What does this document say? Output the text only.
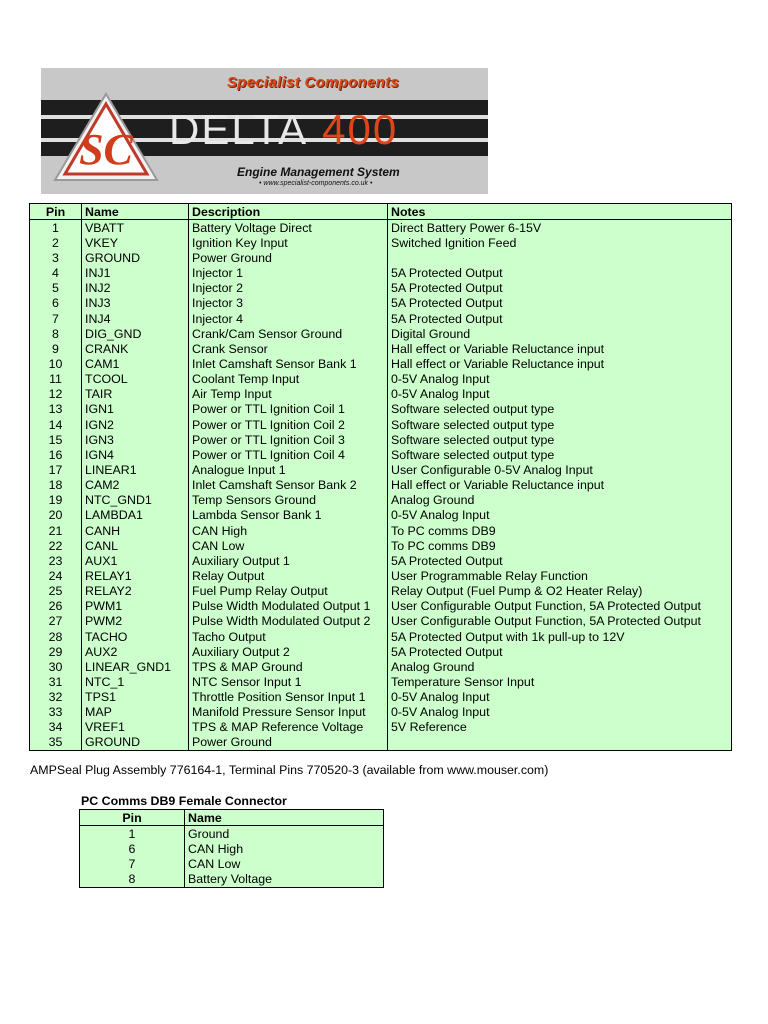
Specialist Components
DELTA 400
SC	Engine Management System
• www.specialist-components.co.uk •
Pin	Name	Description	Notes
1	VBATT	Battery Voltage Direct	Direct Battery Power 6-15V
2	VKEY	Ignition Key Input	Switched Ignition Feed
3	GROUND	Power Ground	
4	INJ1	Injector 1	5A Protected Output
5	INJ2	Injector 2	5A Protected Output
6	INJ3	Injector 3	5A Protected Output
7	INJ4	Injector 4	5A Protected Output
8	DIG_GND	Crank/Cam Sensor Ground	Digital Ground
9	CRANK	Crank Sensor	Hall effect or Variable Reluctance input
10	CAM1	Inlet Camshaft Sensor Bank 1	Hall effect or Variable Reluctance input
11	TCOOL	Coolant Temp Input	0-5V Analog Input
12	TAIR	Air Temp Input	0-5V Analog Input
13	IGN1	Power or TTL Ignition Coil 1	Software selected output type
14	IGN2	Power or TTL Ignition Coil 2	Software selected output type
15	IGN3	Power or TTL Ignition Coil 3	Software selected output type
16	IGN4	Power or TTL Ignition Coil 4	Software selected output type
17	LINEAR1	Analogue Input 1	User Configurable 0-5V Analog Input
18	CAM2	Inlet Camshaft Sensor Bank 2	Hall effect or Variable Reluctance input
19	NTC_GND1	Temp Sensors Ground	Analog Ground
20	LAMBDA1	Lambda Sensor Bank 1	0-5V Analog Input
21	CANH	CAN High	To PC comms DB9
22	CANL	CAN Low	To PC comms DB9
23	AUX1	Auxiliary Output 1	5A Protected Output
24	RELAY1	Relay Output	User Programmable Relay Function
25	RELAY2	Fuel Pump Relay Output	Relay Output (Fuel Pump & O2 Heater Relay)
26	PWM1	Pulse Width Modulated Output 1	User Configurable Output Function, 5A Protected Output
27	PWM2	Pulse Width Modulated Output 2	User Configurable Output Function, 5A Protected Output
28	TACHO	Tacho Output	5A Protected Output with 1k pull-up to 12V
29	AUX2	Auxiliary Output 2	5A Protected Output
30	LINEAR_GND1	TPS & MAP Ground	Analog Ground
31	NTC_1	NTC Sensor Input 1	Temperature Sensor Input
32	TPS1	Throttle Position Sensor Input 1	0-5V Analog Input
33	MAP	Manifold Pressure Sensor Input	0-5V Analog Input
34	VREF1	TPS & MAP Reference Voltage	5V Reference
35	GROUND	Power Ground	
AMPSeal Plug Assembly 776164-1, Terminal Pins 770520-3 (available from www.mouser.com)
PC Comms DB9 Female Connector
Pin	Name
1	Ground
6	CAN High
7	CAN Low
8	Battery Voltage
